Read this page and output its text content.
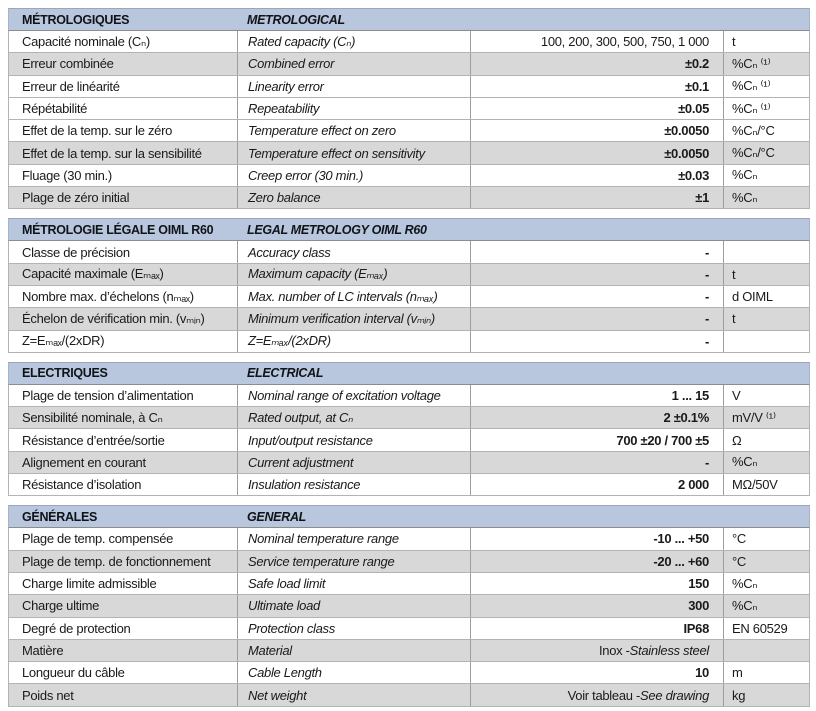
MÉTROLOGIQUES	METROLOGICAL
Capacité nominale (Cₙ)	Rated capacity (Cₙ)	100, 200, 300, 500, 750, 1 000	t
Erreur combinée	Combined error	±0.2	%Cₙ ⁽¹⁾
Erreur de linéarité	Linearity error	±0.1	%Cₙ ⁽¹⁾
Répétabilité	Repeatability	±0.05	%Cₙ ⁽¹⁾
Effet de la temp. sur le zéro	Temperature effect on zero	±0.0050	%Cₙ/°C
Effet de la temp. sur la sensibilité	Temperature effect on sensitivity	±0.0050	%Cₙ/°C
Fluage (30 min.)	Creep error (30 min.)	±0.03	%Cₙ
Plage de zéro initial	Zero balance	±1	%Cₙ
MÉTROLOGIE LÉGALE OIML R60	LEGAL METROLOGY OIML R60
Classe de précision	Accuracy class	-
Capacité maximale (Eₘₐₓ)	Maximum capacity (Eₘₐₓ)	-	t
Nombre max. d’échelons (nₘₐₓ)	Max. number of LC intervals (nₘₐₓ)	-	d OIML
Échelon de vérification min. (vₘᵢₙ)	Minimum verification interval (vₘᵢₙ)	-	t
Z=Eₘₐₓ/(2xDR)	Z=Eₘₐₓ/(2xDR)	-
ELECTRIQUES	ELECTRICAL
Plage de tension d’alimentation	Nominal range of excitation voltage	1 ... 15	V
Sensibilité nominale, à Cₙ	Rated output, at Cₙ	2 ±0.1%	mV/V ⁽¹⁾
Résistance d’entrée/sortie	Input/output resistance	700 ±20 / 700 ±5	Ω
Alignement en courant	Current adjustment	-	%Cₙ
Résistance d’isolation	Insulation resistance	2 000	MΩ/50V
GÉNÉRALES	GENERAL
Plage de temp. compensée	Nominal temperature range	-10 ... +50	°C
Plage de temp. de fonctionnement	Service temperature range	-20 ... +60	°C
Charge limite admissible	Safe load limit	150	%Cₙ
Charge ultime	Ultimate load	300	%Cₙ
Degré de protection	Protection class	IP68	EN 60529
Matière	Material	Inox - Stainless steel
Longueur du câble	Cable Length	10	m
Poids net	Net weight	Voir tableau - See drawing	kg
